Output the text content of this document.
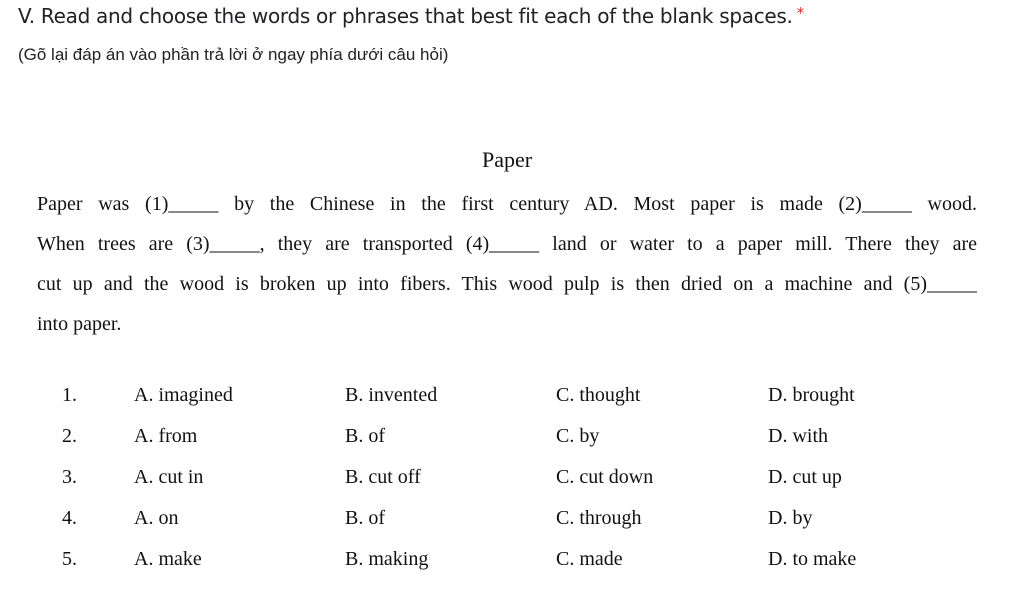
V. Read and choose the words or phrases that best fit each of the blank spaces. *
(Gõ lại đáp án vào phần trả lời ở ngay phía dưới câu hỏi)
Paper
Paper was (1)_____ by the Chinese in the first century AD. Most paper is made (2)_____ wood.
When trees are (3)_____, they are transported (4)_____ land or water to a paper mill. There they are
cut up and the wood is broken up into fibers. This wood pulp is then dried on a machine and (5)_____
into paper.
1.	A. imagined	B. invented	C. thought	D. brought
2.	A. from	B. of	C. by	D. with
3.	A. cut in	B. cut off	C. cut down	D. cut up
4.	A. on	B. of	C. through	D. by
5.	A. make	B. making	C. made	D. to make
